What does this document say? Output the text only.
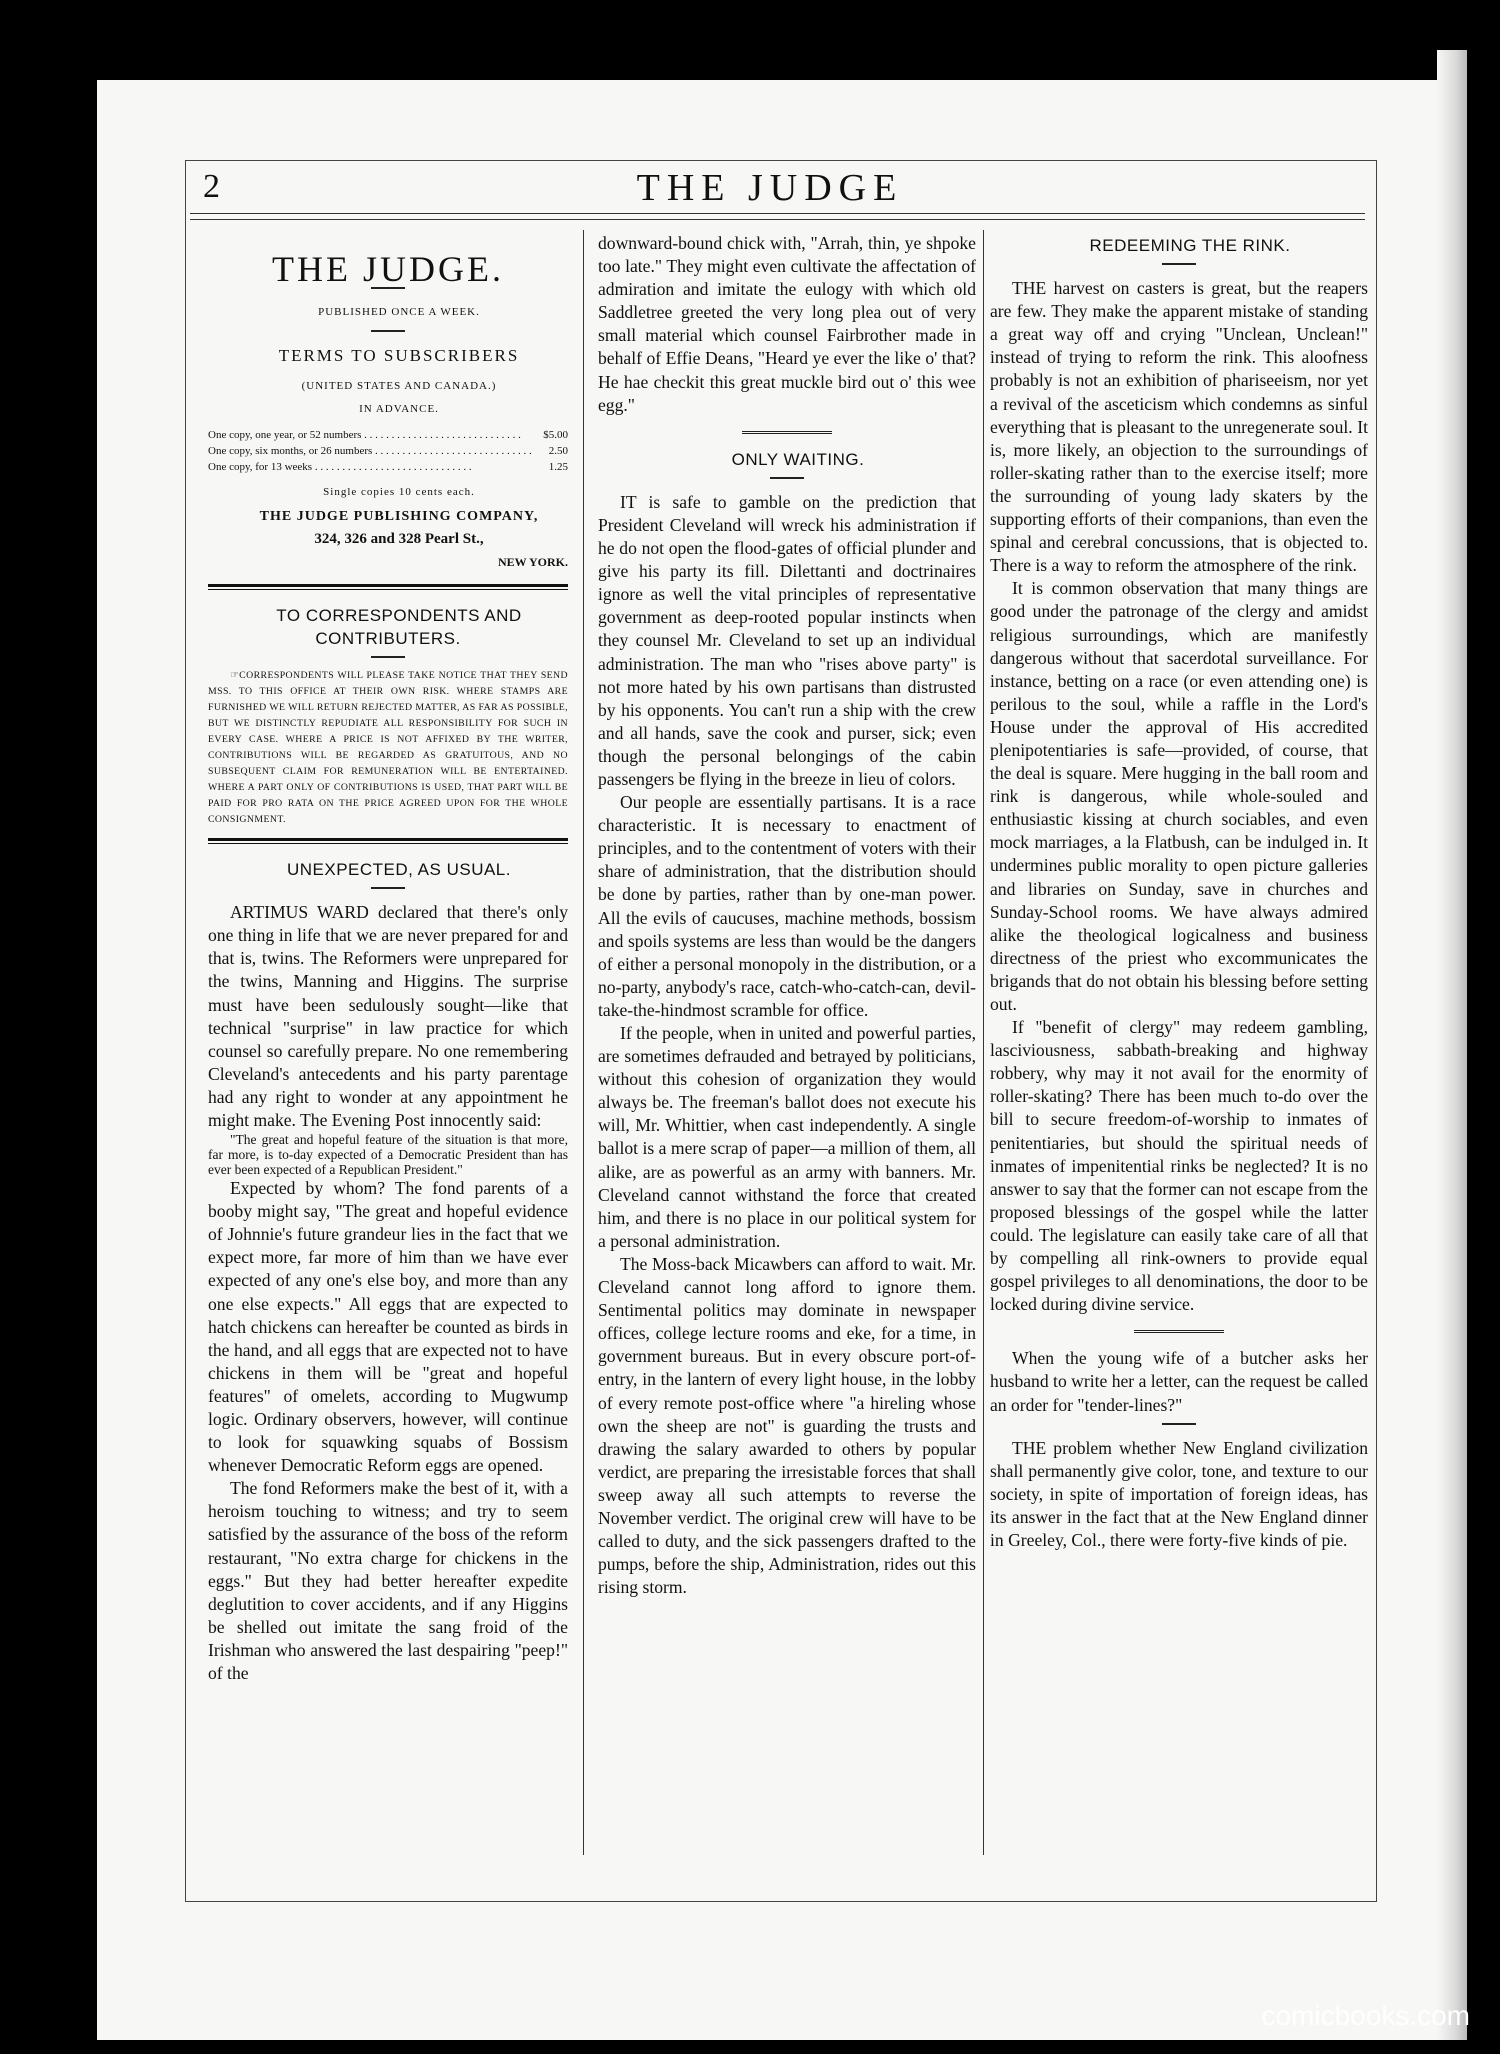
2	THE JUDGE
THE JUDGE.

PUBLISHED ONCE A WEEK.

TERMS TO SUBSCRIBERS

(UNITED STATES AND CANADA.)

IN ADVANCE.

One copy, one year, or 52 numbers . . .	$5.00
One copy, six months, or 26 numbers . . .	2.50
One copy, for 13 weeks . . .	1.25

Single copies 10 cents each.

THE JUDGE PUBLISHING COMPANY,

324, 326 and 328 Pearl St.,

NEW YORK.

TO CORRESPONDENTS AND CONTRIBUTERS.

☞CORRESPONDENTS WILL PLEASE TAKE NOTICE THAT THEY SEND MSS. TO THIS OFFICE AT THEIR OWN RISK. WHERE STAMPS ARE FURNISHED WE WILL RETURN REJECTED MATTER, AS FAR AS POSSIBLE, BUT WE DISTINCTLY REPUDIATE ALL RESPONSIBILITY FOR SUCH IN EVERY CASE. WHERE A PRICE IS NOT AFFIXED BY THE WRITER, CONTRIBUTIONS WILL BE REGARDED AS GRATUITOUS, AND NO SUBSEQUENT CLAIM FOR REMUNERATION WILL BE ENTERTAINED. WHERE A PART ONLY OF CONTRIBUTIONS IS USED, THAT PART WILL BE PAID FOR PRO RATA ON THE PRICE AGREED UPON FOR THE WHOLE CONSIGNMENT.

UNEXPECTED, AS USUAL.

ARTIMUS WARD declared that there's only one thing in life that we are never prepared for and that is, twins. The Reformers were unprepared for the twins, Manning and Higgins. The surprise must have been sedulously sought—like that technical "surprise" in law practice for which counsel so carefully prepare. No one remembering Cleveland's antecedents and his party parentage had any right to wonder at any appointment he might make. The Evening Post innocently said:

"The great and hopeful feature of the situation is that more, far more, is to-day expected of a Democratic President than has ever been expected of a Republican President."

Expected by whom? The fond parents of a booby might say, "The great and hopeful evidence of Johnnie's future grandeur lies in the fact that we expect more, far more of him than we have ever expected of any one's else boy, and more than any one else expects." All eggs that are expected to hatch chickens can hereafter be counted as birds in the hand, and all eggs that are expected not to have chickens in them will be "great and hopeful features" of omelets, according to Mugwump logic. Ordinary observers, however, will continue to look for squawking squabs of Bossism whenever Democratic Reform eggs are opened.

The fond Reformers make the best of it, with a heroism touching to witness; and try to seem satisfied by the assurance of the boss of the reform restaurant, "No extra charge for chickens in the eggs." But they had better hereafter expedite deglutition to cover accidents, and if any Higgins be shelled out imitate the sang froid of the Irishman who answered the last despairing "peep!" of the

downward-bound chick with, "Arrah, thin, ye shpoke too late." They might even cultivate the affectation of admiration and imitate the eulogy with which old Saddletree greeted the very long plea out of very small material which counsel Fairbrother made in behalf of Effie Deans, "Heard ye ever the like o' that? He hae checkit this great muckle bird out o' this wee egg."

ONLY WAITING.

IT is safe to gamble on the prediction that President Cleveland will wreck his administration if he do not open the flood-gates of official plunder and give his party its fill. Dilettanti and doctrinaires ignore as well the vital principles of representative government as deep-rooted popular instincts when they counsel Mr. Cleveland to set up an individual administration. The man who "rises above party" is not more hated by his own partisans than distrusted by his opponents. You can't run a ship with the crew and all hands, save the cook and purser, sick; even though the personal belongings of the cabin passengers be flying in the breeze in lieu of colors.

Our people are essentially partisans. It is a race characteristic. It is necessary to enactment of principles, and to the contentment of voters with their share of administration, that the distribution should be done by parties, rather than by one-man power. All the evils of caucuses, machine methods, bossism and spoils systems are less than would be the dangers of either a personal monopoly in the distribution, or a no-party, anybody's race, catch-who-catch-can, devil-take-the-hindmost scramble for office.

If the people, when in united and powerful parties, are sometimes defrauded and betrayed by politicians, without this cohesion of organization they would always be. The freeman's ballot does not execute his will, Mr. Whittier, when cast independently. A single ballot is a mere scrap of paper—a million of them, all alike, are as powerful as an army with banners. Mr. Cleveland cannot withstand the force that created him, and there is no place in our political system for a personal administration.

The Moss-back Micawbers can afford to wait. Mr. Cleveland cannot long afford to ignore them. Sentimental politics may dominate in newspaper offices, college lecture rooms and eke, for a time, in government bureaus. But in every obscure port-of-entry, in the lantern of every light house, in the lobby of every remote post-office where "a hireling whose own the sheep are not" is guarding the trusts and drawing the salary awarded to others by popular verdict, are preparing the irresistable forces that shall sweep away all such attempts to reverse the November verdict. The original crew will have to be called to duty, and the sick passengers drafted to the pumps, before the ship, Administration, rides out this rising storm.

REDEEMING THE RINK.

THE harvest on casters is great, but the reapers are few. They make the apparent mistake of standing a great way off and crying "Unclean, Unclean!" instead of trying to reform the rink. This aloofness probably is not an exhibition of phariseeism, nor yet a revival of the asceticism which condemns as sinful everything that is pleasant to the unregenerate soul. It is, more likely, an objection to the surroundings of roller-skating rather than to the exercise itself; more the surrounding of young lady skaters by the supporting efforts of their companions, than even the spinal and cerebral concussions, that is objected to. There is a way to reform the atmosphere of the rink.

It is common observation that many things are good under the patronage of the clergy and amidst religious surroundings, which are manifestly dangerous without that sacerdotal surveillance. For instance, betting on a race (or even attending one) is perilous to the soul, while a raffle in the Lord's House under the approval of His accredited plenipotentiaries is safe—provided, of course, that the deal is square. Mere hugging in the ball room and rink is dangerous, while whole-souled and enthusiastic kissing at church sociables, and even mock marriages, a la Flatbush, can be indulged in. It undermines public morality to open picture galleries and libraries on Sunday, save in churches and Sunday-School rooms. We have always admired alike the theological logicalness and business directness of the priest who excommunicates the brigands that do not obtain his blessing before setting out.

If "benefit of clergy" may redeem gambling, lasciviousness, sabbath-breaking and highway robbery, why may it not avail for the enormity of roller-skating? There has been much to-do over the bill to secure freedom-of-worship to inmates of penitentiaries, but should the spiritual needs of inmates of impenitential rinks be neglected? It is no answer to say that the former can not escape from the proposed blessings of the gospel while the latter could. The legislature can easily take care of all that by compelling all rink-owners to provide equal gospel privileges to all denominations, the door to be locked during divine service.

When the young wife of a butcher asks her husband to write her a letter, can the request be called an order for "tender-lines?"

THE problem whether New England civilization shall permanently give color, tone, and texture to our society, in spite of importation of foreign ideas, has its answer in the fact that at the New England dinner in Greeley, Col., there were forty-five kinds of pie.

comicbooks.com
